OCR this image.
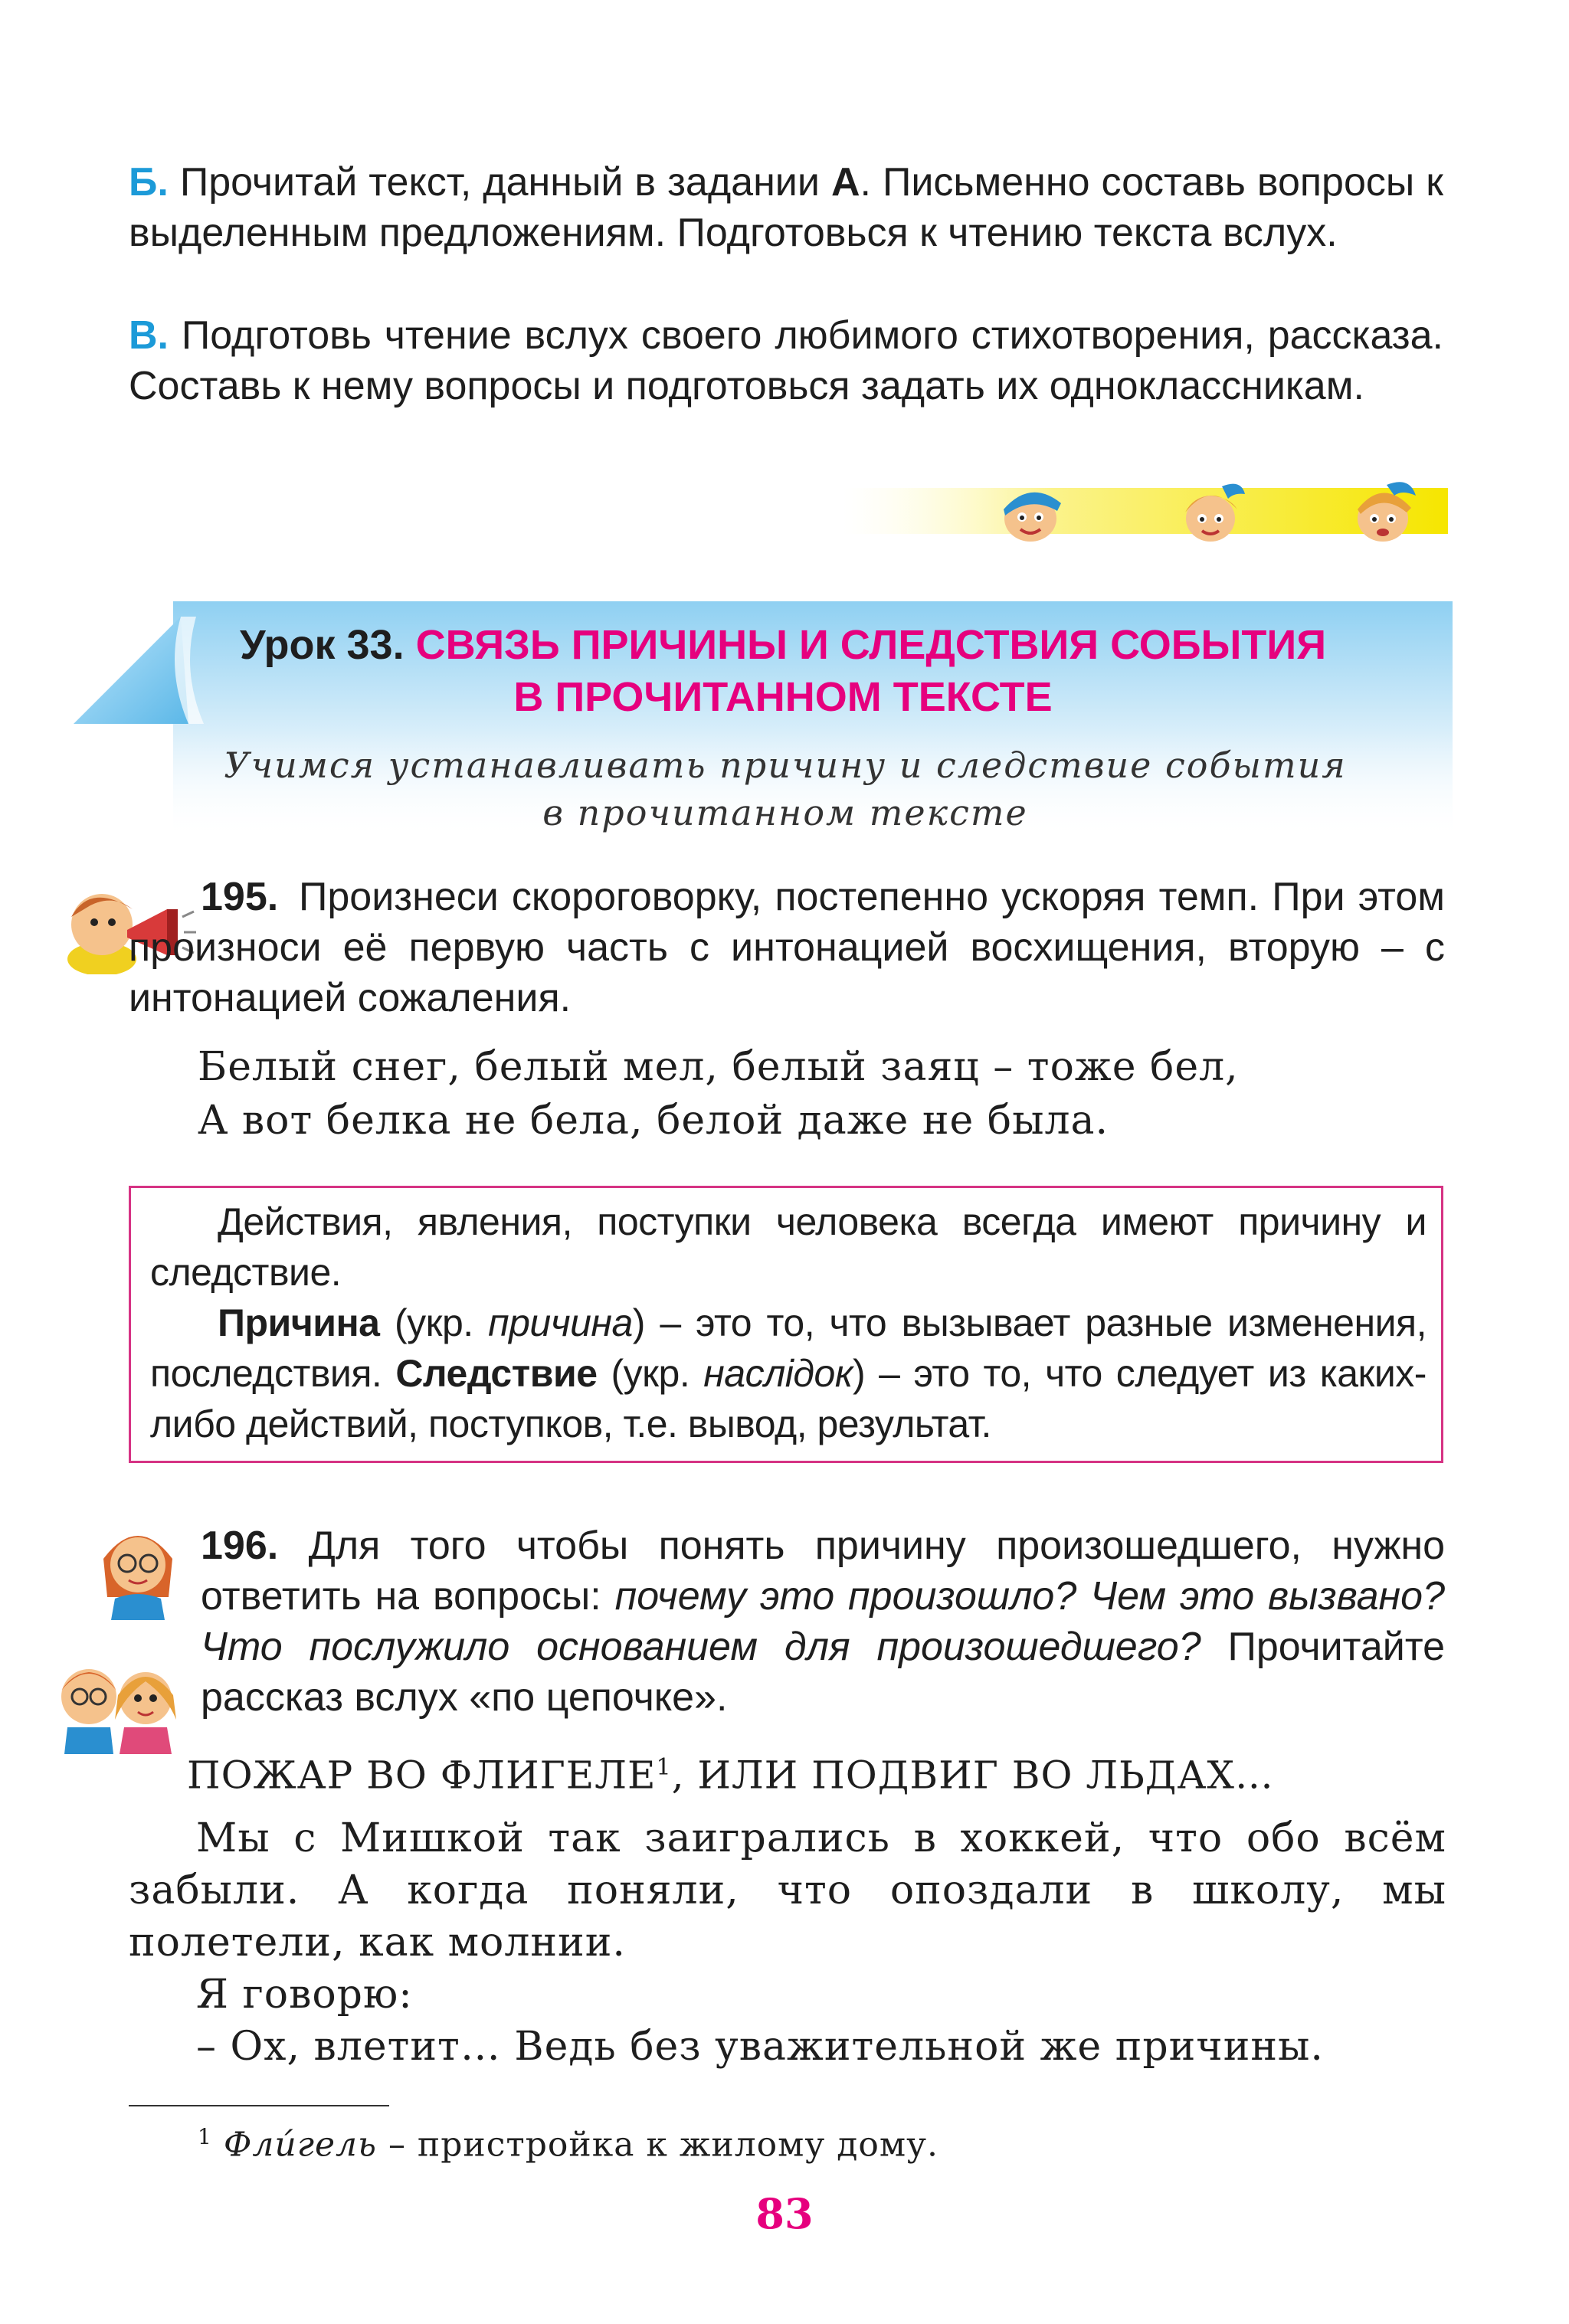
Б. Прочитай текст, данный в задании А. Письменно составь вопросы к выделенным предложениям. Подготовься к чтению текста вслух.
В. Подготовь чтение вслух своего любимого стихотворения, рассказа. Составь к нему вопросы и подготовься задать их одноклассникам.
Урок 33. СВЯЗЬ ПРИЧИНЫ И СЛЕДСТВИЯ СОБЫТИЯ
В ПРОЧИТАННОМ ТЕКСТЕ
Учимся устанавливать причину и следствие события
в прочитанном тексте
195. Произнеси скороговорку, постепенно ускоряя темп. При этом произноси её первую часть с интонацией восхищения, вторую – с интонацией сожаления.
Белый снег, белый мел, белый заяц – тоже бел,
А вот белка не бела, белой даже не была.
Действия, явления, поступки человека всегда имеют причину и следствие.
Причина (укр. причина) – это то, что вызывает разные изменения, последствия. Следствие (укр. наслідок) – это то, что следует из каких-либо действий, поступков, т.е. вывод, результат.
196. Для того чтобы понять причину произошедшего, нужно ответить на вопросы: почему это произошло? Чем это вызвано? Что послужило основанием для произошедшего? Прочитайте рассказ вслух «по цепочке».
ПОЖАР ВО ФЛИГЕЛЕ$^1$, ИЛИ ПОДВИГ ВО ЛЬДАХ…
Мы с Мишкой так заигрались в хоккей, что обо всём забыли. А когда поняли, что опоздали в школу, мы полетели, как молнии.
Я говорю:
– Ох, влетит… Ведь без уважительной же причины.
$^1$ Фли́гель – пристройка к жилому дому.
83
